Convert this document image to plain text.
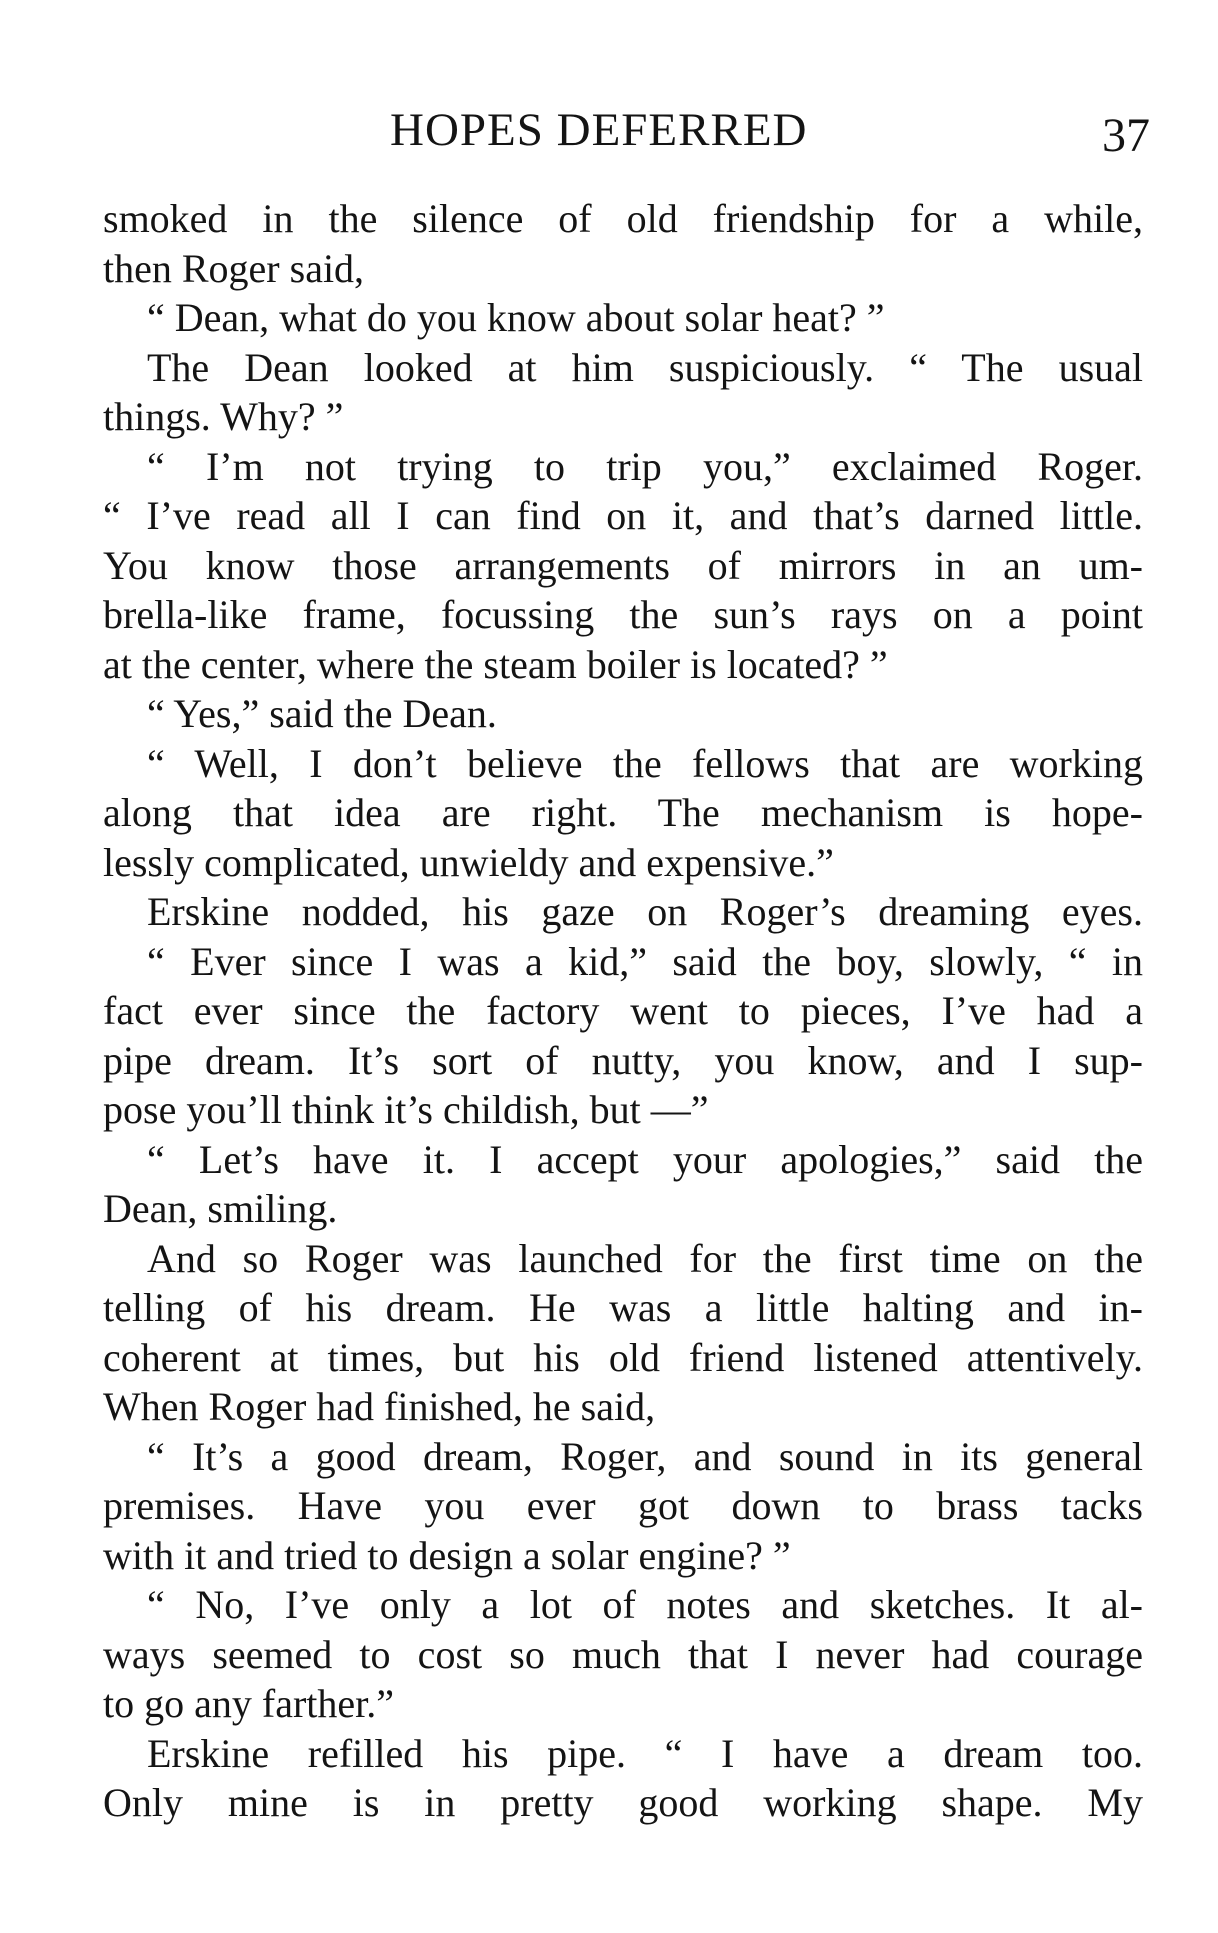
HOPES DEFERRED	37
smoked in the silence of old friendship for a while,
then Roger said,
“ Dean, what do you know about solar heat? ”
The Dean looked at him suspiciously. “ The usual
things. Why? ”
“ I’m not trying to trip you,” exclaimed Roger.
“ I’ve read all I can find on it, and that’s darned little.
You know those arrangements of mirrors in an um-
brella-like frame, focussing the sun’s rays on a point
at the center, where the steam boiler is located? ”
“ Yes,” said the Dean.
“ Well, I don’t believe the fellows that are working
along that idea are right. The mechanism is hope-
lessly complicated, unwieldy and expensive.”
Erskine nodded, his gaze on Roger’s dreaming eyes.
“ Ever since I was a kid,” said the boy, slowly, “ in
fact ever since the factory went to pieces, I’ve had a
pipe dream. It’s sort of nutty, you know, and I sup-
pose you’ll think it’s childish, but —”
“ Let’s have it. I accept your apologies,” said the
Dean, smiling.
And so Roger was launched for the first time on the
telling of his dream. He was a little halting and in-
coherent at times, but his old friend listened attentively.
When Roger had finished, he said,
“ It’s a good dream, Roger, and sound in its general
premises. Have you ever got down to brass tacks
with it and tried to design a solar engine? ”
“ No, I’ve only a lot of notes and sketches. It al-
ways seemed to cost so much that I never had courage
to go any farther.”
Erskine refilled his pipe. “ I have a dream too.
Only mine is in pretty good working shape. My
